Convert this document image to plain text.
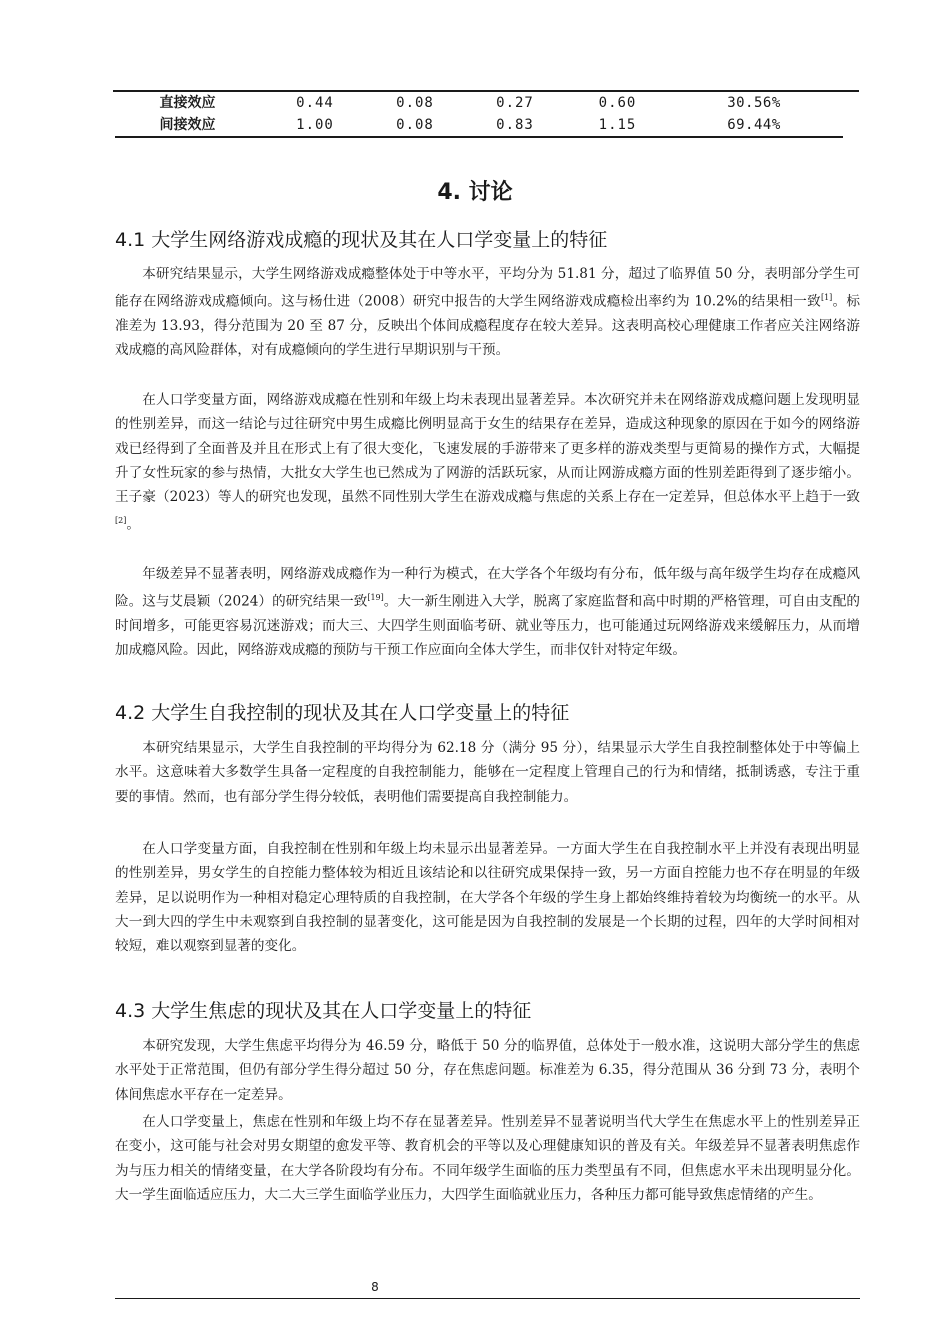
直接效应	0.44	0.08	0.27	0.60	30.56%
间接效应	1.00	0.08	0.83	1.15	69.44%
4. 讨论
4.1 大学生网络游戏成瘾的现状及其在人口学变量上的特征

本研究结果显示，大学生网络游戏成瘾整体处于中等水平，平均分为 51.81 分，超过了临界值 50 分，表明部分学生可能存在网络游戏成瘾倾向。这与杨仕进（2008）研究中报告的大学生网络游戏成瘾检出率约为 10.2%的结果相一致[1]。标准差为 13.93，得分范围为 20 至 87 分，反映出个体间成瘾程度存在较大差异。这表明高校心理健康工作者应关注网络游戏成瘾的高风险群体，对有成瘾倾向的学生进行早期识别与干预。

在人口学变量方面，网络游戏成瘾在性别和年级上均未表现出显著差异。本次研究并未在网络游戏成瘾问题上发现明显的性别差异，而这一结论与过往研究中男生成瘾比例明显高于女生的结果存在差异，造成这种现象的原因在于如今的网络游戏已经得到了全面普及并且在形式上有了很大变化，飞速发展的手游带来了更多样的游戏类型与更简易的操作方式，大幅提升了女性玩家的参与热情，大批女大学生也已然成为了网游的活跃玩家，从而让网游成瘾方面的性别差距得到了逐步缩小。王子豪（2023）等人的研究也发现，虽然不同性别大学生在游戏成瘾与焦虑的关系上存在一定差异，但总体水平上趋于一致[2]。

年级差异不显著表明，网络游戏成瘾作为一种行为模式，在大学各个年级均有分布，低年级与高年级学生均存在成瘾风险。这与艾晨颖（2024）的研究结果一致[19]。大一新生刚进入大学，脱离了家庭监督和高中时期的严格管理，可自由支配的时间增多，可能更容易沉迷游戏；而大三、大四学生则面临考研、就业等压力，也可能通过玩网络游戏来缓解压力，从而增加成瘾风险。因此，网络游戏成瘾的预防与干预工作应面向全体大学生，而非仅针对特定年级。

4.2 大学生自我控制的现状及其在人口学变量上的特征

本研究结果显示，大学生自我控制的平均得分为 62.18 分（满分 95 分），结果显示大学生自我控制整体处于中等偏上水平。这意味着大多数学生具备一定程度的自我控制能力，能够在一定程度上管理自己的行为和情绪，抵制诱惑，专注于重要的事情。然而，也有部分学生得分较低，表明他们需要提高自我控制能力。

在人口学变量方面，自我控制在性别和年级上均未显示出显著差异。一方面大学生在自我控制水平上并没有表现出明显的性别差异，男女学生的自控能力整体较为相近且该结论和以往研究成果保持一致，另一方面自控能力也不存在明显的年级差异，足以说明作为一种相对稳定心理特质的自我控制，在大学各个年级的学生身上都始终维持着较为均衡统一的水平。从大一到大四的学生中未观察到自我控制的显著变化，这可能是因为自我控制的发展是一个长期的过程，四年的大学时间相对较短，难以观察到显著的变化。

4.3 大学生焦虑的现状及其在人口学变量上的特征

本研究发现，大学生焦虑平均得分为 46.59 分，略低于 50 分的临界值，总体处于一般水准，这说明大部分学生的焦虑水平处于正常范围，但仍有部分学生得分超过 50 分，存在焦虑问题。标准差为 6.35，得分范围从 36 分到 73 分，表明个体间焦虑水平存在一定差异。

在人口学变量上，焦虑在性别和年级上均不存在显著差异。性别差异不显著说明当代大学生在焦虑水平上的性别差异正在变小，这可能与社会对男女期望的愈发平等、教育机会的平等以及心理健康知识的普及有关。年级差异不显著表明焦虑作为与压力相关的情绪变量，在大学各阶段均有分布。不同年级学生面临的压力类型虽有不同，但焦虑水平未出现明显分化。大一学生面临适应压力，大二大三学生面临学业压力，大四学生面临就业压力，各种压力都可能导致焦虑情绪的产生。

8
